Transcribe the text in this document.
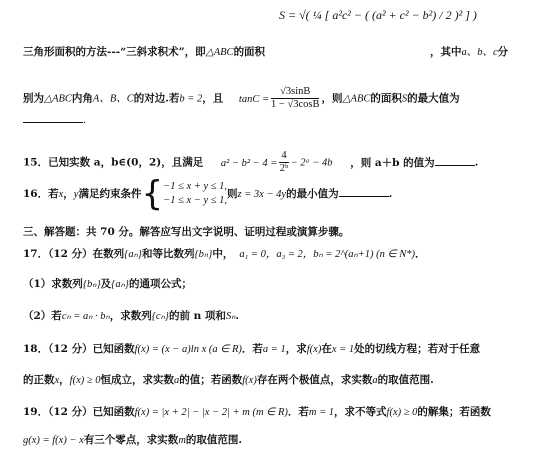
S = √( ¼ [ a²c² − ( (a² + c² − b²) / 2 )² ] )
三角形面积的方法---“三斜求积术”，即△ABC的面积	，其中a、b、c分
别为△ABC内角A、B、C的对边.若b = 2，且 $\tan C = \frac{√3\sin B}{1 - √3\cos B}$ ，则△ABC的面积S的最大值为
.
15．已知实数 a，b∈(0，2)，且满足 $a^2 - b^2 - 4 = \frac{4}{\text{2ᵇ}}$ − 2ᵃ − 4b ，则 a＋b 的值为	.
16．若x，y满足约束条件{ −1 ≤ x + y ≤ 1,
−1 ≤ x − y ≤ 1,
则z = 3x − 4y的最小值为	.
三、解答题：共 70 分。解答应写出文字说明、证明过程或演算步骤。
17．（12 分）在数列{aₙ}和等比数列{bₙ}中， a₁ = 0，a₃ = 2，bₙ = 2^(aₙ+1) (n ∈ N*)．
（1）求数列{bₙ}及{aₙ}的通项公式；
（2）若cₙ = aₙ · bₙ，求数列{cₙ}的前 n 项和Sₙ.
18．（12 分）已知函数f(x) = (x − a)ln x (a ∈ R)．若a = 1，求f(x)在x = 1处的切线方程；若对于任意
的正数x，f(x) ≥ 0恒成立，求实数a的值；若函数f(x)存在两个极值点，求实数a的取值范围.
19．（12 分）已知函数f(x) = |x + 2| − |x − 2| + m (m ∈ R)．若m = 1，求不等式f(x) ≥ 0的解集；若函数
g(x) = f(x) − x有三个零点，求实数m的取值范围.
